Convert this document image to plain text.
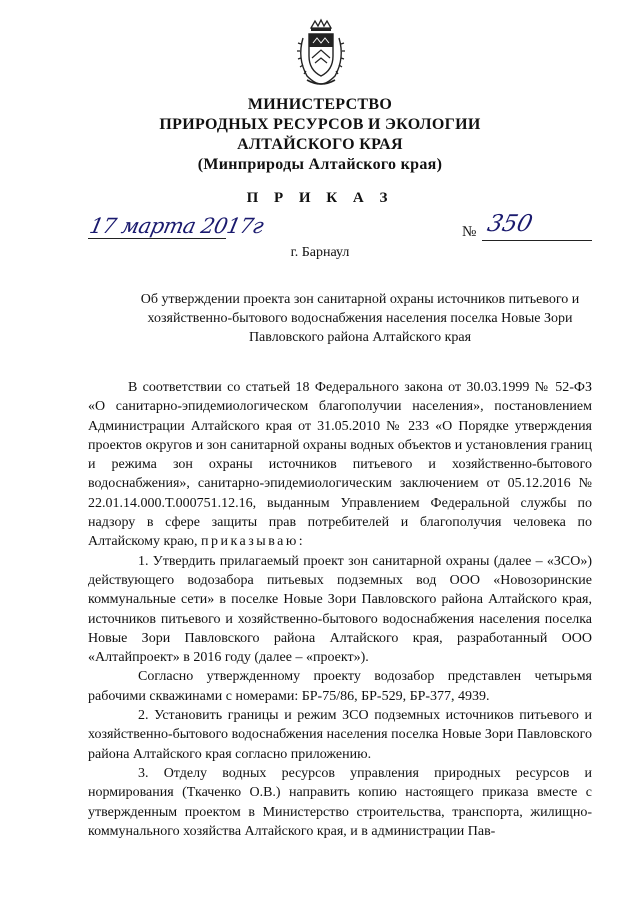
МИНИСТЕРСТВО
ПРИРОДНЫХ РЕСУРСОВ И ЭКОЛОГИИ
АЛТАЙСКОГО КРАЯ
(Минприроды Алтайского края)
П Р И К А З
17 марта 2017г	№ 350
г. Барнаул
Об утверждении проекта зон санитарной охраны источников питьевого и хозяйственно-бытового водоснабжения населения поселка Новые Зори Павловского района Алтайского края

В соответствии со статьей 18 Федерального закона от 30.03.1999 № 52-ФЗ «О санитарно-эпидемиологическом благополучии населения», постановлением Администрации Алтайского края от 31.05.2010 № 233 «О Порядке утверждения проектов округов и зон санитарной охраны водных объектов и установления границ и режима зон охраны источников питьевого и хозяйственно-бытового водоснабжения», санитарно-эпидемиологическим заключением от 05.12.2016 № 22.01.14.000.Т.000751.12.16, выданным Управлением Федеральной службы по надзору в сфере защиты прав потребителей и благополучия человека по Алтайскому краю, приказываю:

1. Утвердить прилагаемый проект зон санитарной охраны (далее – «ЗСО») действующего водозабора питьевых подземных вод ООО «Новозоринские коммунальные сети» в поселке Новые Зори Павловского района Алтайского края, источников питьевого и хозяйственно-бытового водоснабжения населения поселка Новые Зори Павловского района Алтайского края, разработанный ООО «Алтайпроект» в 2016 году (далее – «проект»).

Согласно утвержденному проекту водозабор представлен четырьмя рабочими скважинами с номерами: БР-75/86, БР-529, БР-377, 4939.

2. Установить границы и режим ЗСО подземных источников питьевого и хозяйственно-бытового водоснабжения населения поселка Новые Зори Павловского района Алтайского края согласно приложению.

3. Отделу водных ресурсов управления природных ресурсов и нормирования (Ткаченко О.В.) направить копию настоящего приказа вместе с утвержденным проектом в Министерство строительства, транспорта, жилищно-коммунального хозяйства Алтайского края, и в администрации Пав-
